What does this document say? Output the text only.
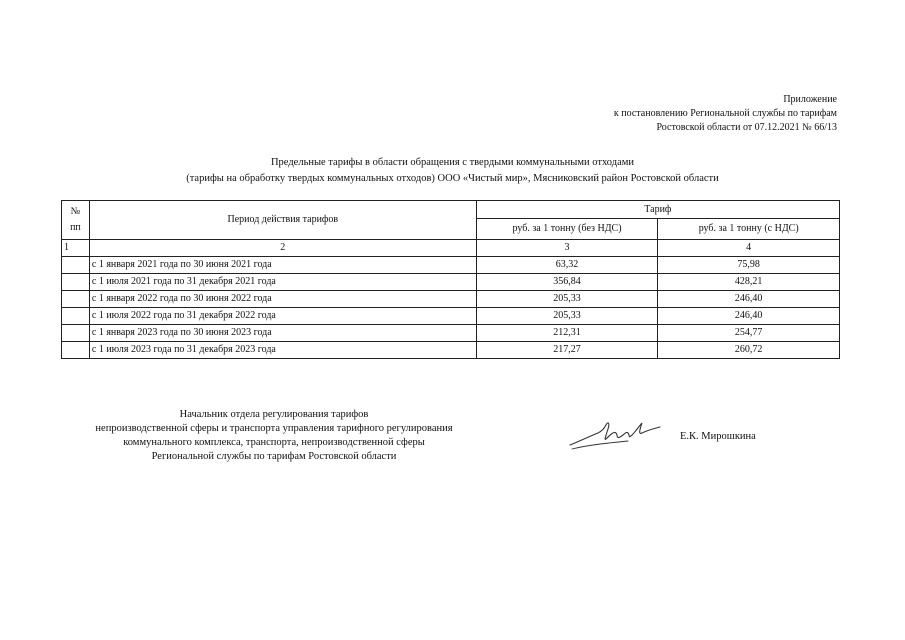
Приложение
к постановлению Региональной службы по тарифам
Ростовской области от 07.12.2021 № 66/13
Предельные тарифы в области обращения с твердыми коммунальными отходами
(тарифы на обработку твердых коммунальных отходов) ООО «Чистый мир», Мясниковский район Ростовской области
№
пп	Период действия тарифов	Тариф	
		руб. за 1 тонну (без НДС)	руб. за 1 тонну (с НДС)
1	2	3	4
	с 1 января 2021 года по 30 июня 2021 года	63,32	75,98
	с 1 июля 2021 года по 31 декабря 2021 года	356,84	428,21
	с 1 января 2022 года по 30 июня 2022 года	205,33	246,40
	с 1 июля 2022 года по 31 декабря 2022 года	205,33	246,40
	с 1 января 2023 года по 30 июня 2023 года	212,31	254,77
	с 1 июля 2023 года по 31 декабря 2023 года	217,27	260,72
Начальник отдела регулирования тарифов
непроизводственной сферы и транспорта управления тарифного регулирования
коммунального комплекса, транспорта, непроизводственной сферы
Региональной службы по тарифам Ростовской области
Е.К. Мирошкина
